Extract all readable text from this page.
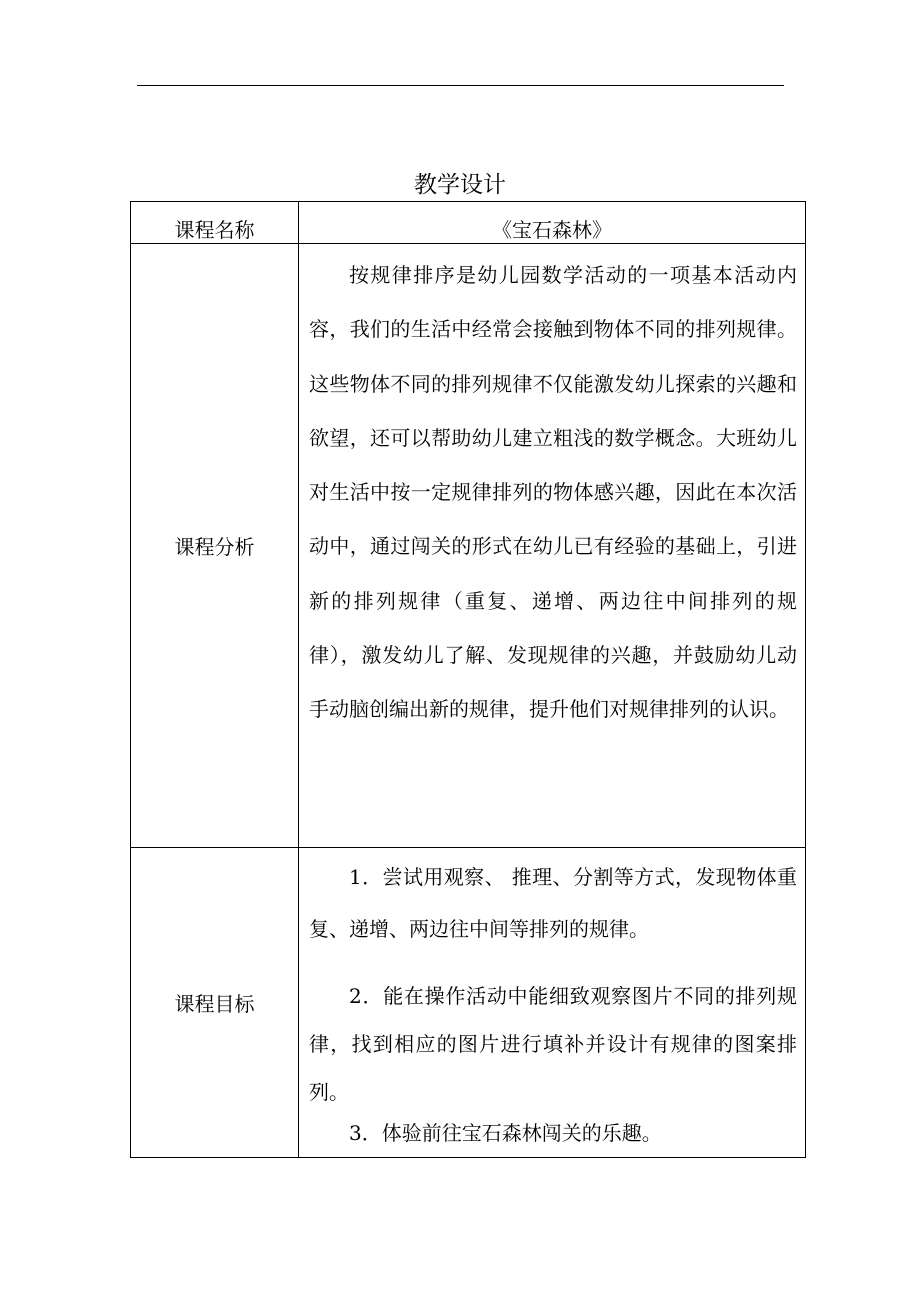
教学设计
课程名称	《宝石森林》
课程分析	按规律排序是幼儿园数学活动的一项基本活动内容，我们的生活中经常会接触到物体不同的排列规律。这些物体不同的排列规律不仅能激发幼儿探索的兴趣和欲望，还可以帮助幼儿建立粗浅的数学概念。大班幼儿对生活中按一定规律排列的物体感兴趣，因此在本次活动中，通过闯关的形式在幼儿已有经验的基础上，引进新的排列规律（重复、递增、两边往中间排列的规律），激发幼儿了解、发现规律的兴趣，并鼓励幼儿动手动脑创编出新的规律，提升他们对规律排列的认识。

课程目标	1．尝试用观察、 推理、分割等方式，发现物体重复、递增、两边往中间等排列的规律。
2．能在操作活动中能细致观察图片不同的排列规律，找到相应的图片进行填补并设计有规律的图案排列。
3．体验前往宝石森林闯关的乐趣。
